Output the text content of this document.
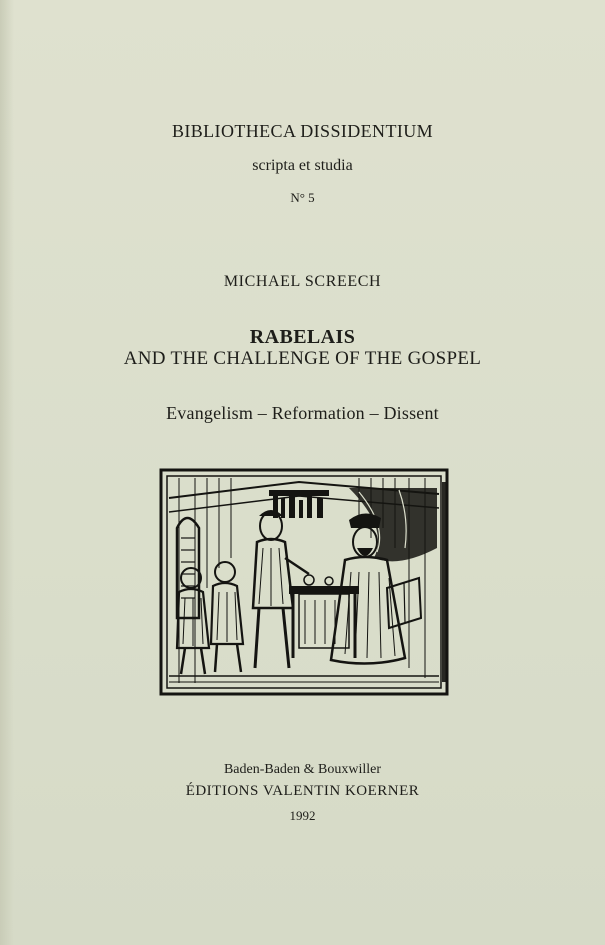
BIBLIOTHECA DISSIDENTIUM
scripta et studia
N° 5
MICHAEL SCREECH
RABELAIS
AND THE CHALLENGE OF THE GOSPEL
Evangelism – Reformation – Dissent
Baden-Baden & Bouxwiller
ÉDITIONS VALENTIN KOERNER
1992
